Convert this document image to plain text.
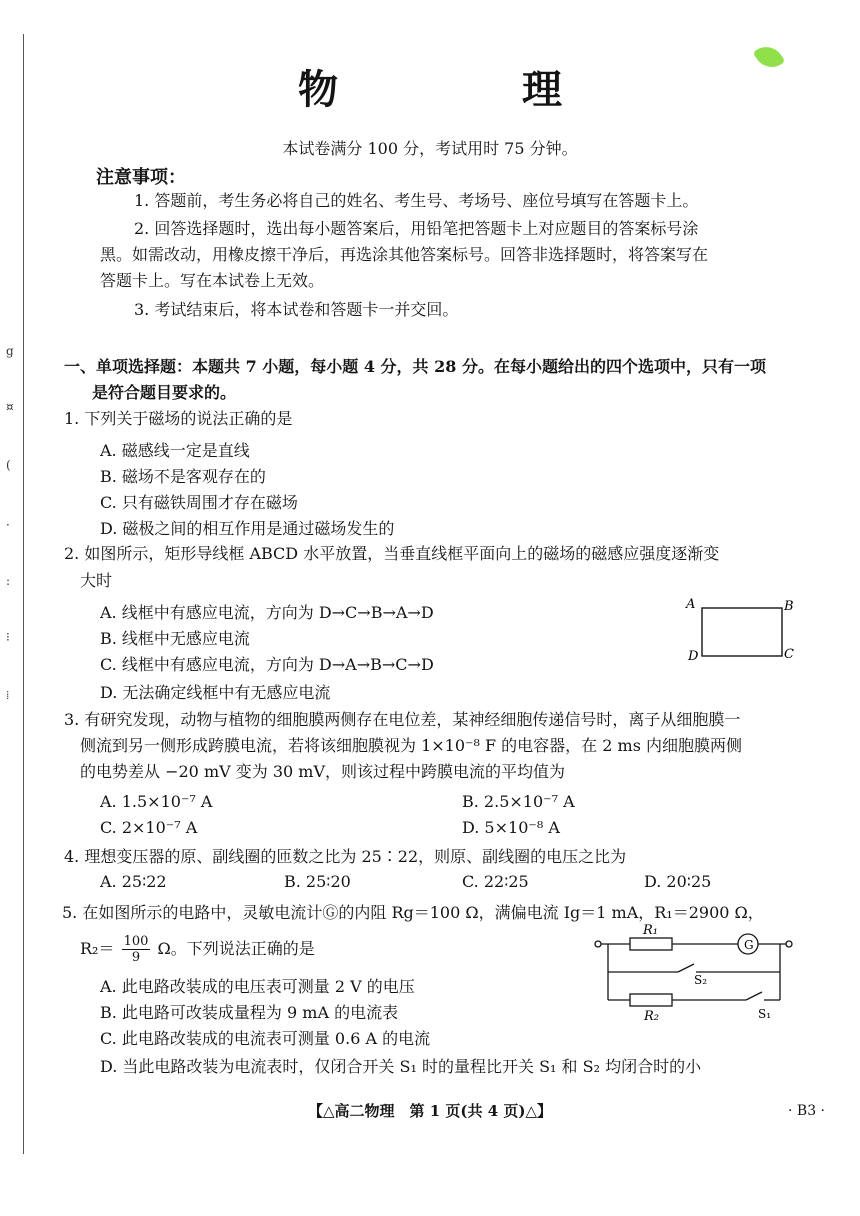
g
¤
(
·
:
⁝
⁞
物　理
本试卷满分 100 分，考试用时 75 分钟。
注意事项：
1. 答题前，考生务必将自己的姓名、考生号、考场号、座位号填写在答题卡上。
2. 回答选择题时，选出每小题答案后，用铅笔把答题卡上对应题目的答案标号涂
黑。如需改动，用橡皮擦干净后，再选涂其他答案标号。回答非选择题时，将答案写在
答题卡上。写在本试卷上无效。
3. 考试结束后，将本试卷和答题卡一并交回。
一、单项选择题：本题共 7 小题，每小题 4 分，共 28 分。在每小题给出的四个选项中，只有一项
是符合题目要求的。
1. 下列关于磁场的说法正确的是
A. 磁感线一定是直线
B. 磁场不是客观存在的
C. 只有磁铁周围才存在磁场
D. 磁极之间的相互作用是通过磁场发生的
2. 如图所示，矩形导线框 ABCD 水平放置，当垂直线框平面向上的磁场的磁感应强度逐渐变
大时
A. 线框中有感应电流，方向为 D→C→B→A→D
B. 线框中无感应电流
C. 线框中有感应电流，方向为 D→A→B→C→D
D. 无法确定线框中有无感应电流
A	B
C
D
3. 有研究发现，动物与植物的细胞膜两侧存在电位差，某神经细胞传递信号时，离子从细胞膜一
侧流到另一侧形成跨膜电流，若将该细胞膜视为 1×10⁻⁸ F 的电容器，在 2 ms 内细胞膜两侧
的电势差从 −20 mV 变为 30 mV，则该过程中跨膜电流的平均值为
A. 1.5×10⁻⁷ A	B. 2.5×10⁻⁷ A
C. 2×10⁻⁷ A	D. 5×10⁻⁸ A
4. 理想变压器的原、副线圈的匝数之比为 25∶22，则原、副线圈的电压之比为
A. 25∶22	B. 25∶20	C. 22∶25	D. 20∶25
5. 在如图所示的电路中，灵敏电流计Ⓖ的内阻 Rg＝100 Ω，满偏电流 Ig＝1 mA，R₁＝2900 Ω，
$R_2= \frac{100}{9}$ Ω。下列说法正确的是
A. 此电路改装成的电压表可测量 2 V 的电压
B. 此电路可改装成量程为 9 mA 的电流表
C. 此电路改装成的电流表可测量 0.6 A 的电流
D. 当此电路改装为电流表时，仅闭合开关 S₁ 时的量程比开关 S₁ 和 S₂ 均闭合时的小
R₁
G
S₂
R₂	S₁
【△高二物理　第 1 页(共 4 页)△】	· B3 ·
